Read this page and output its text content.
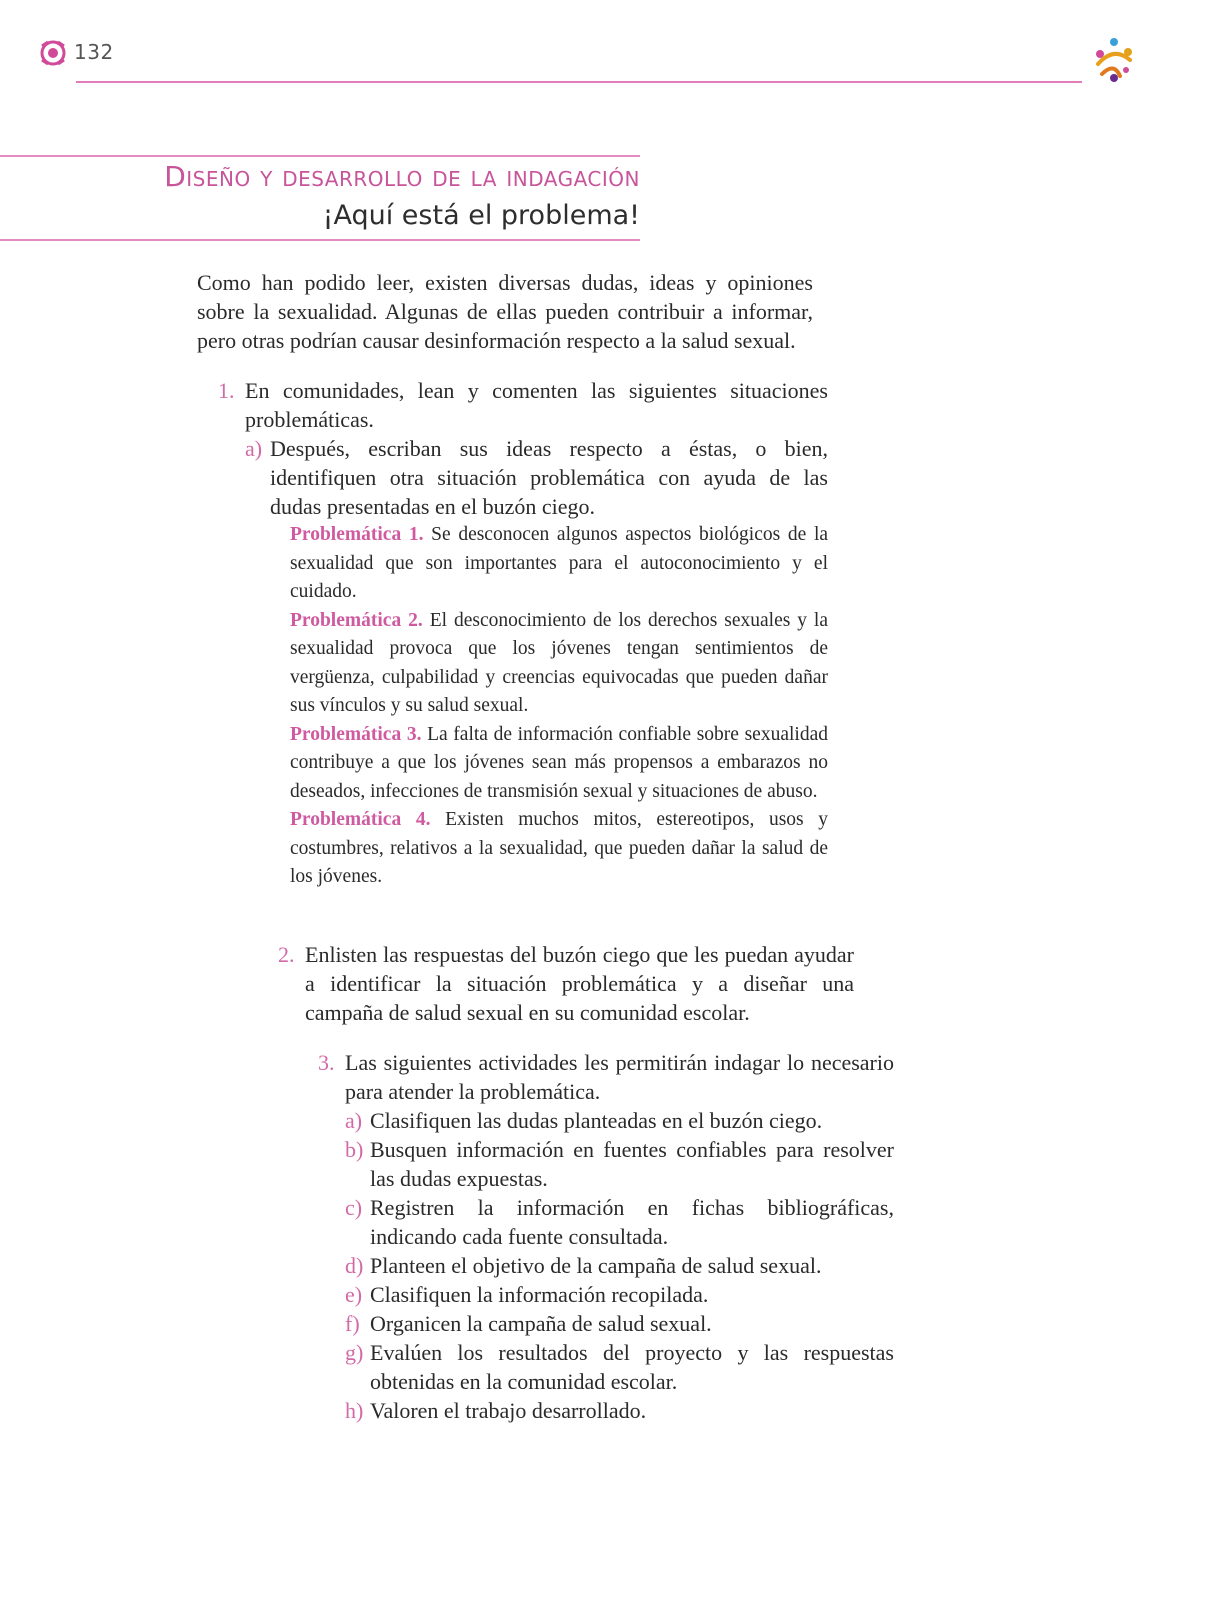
132
Diseño y desarrollo de la indagación
¡Aquí está el problema!

Como han podido leer, existen diversas dudas, ideas y opiniones sobre la sexualidad. Algunas de ellas pueden contribuir a informar, pero otras podrían causar desinformación respecto a la salud sexual.

1. En comunidades, lean y comenten las siguientes situaciones problemáticas.
a) Después, escriban sus ideas respecto a éstas, o bien, identifiquen otra situación problemática con ayuda de las dudas presentadas en el buzón ciego.
Problemática 1. Se desconocen algunos aspectos biológicos de la sexualidad que son importantes para el autoconocimiento y el cuidado.
Problemática 2. El desconocimiento de los derechos sexuales y la sexualidad provoca que los jóvenes tengan sentimientos de vergüenza, culpabilidad y creencias equivocadas que pueden dañar sus vínculos y su salud sexual.
Problemática 3. La falta de información confiable sobre sexualidad contribuye a que los jóvenes sean más propensos a embarazos no deseados, infecciones de transmisión sexual y situaciones de abuso.
Problemática 4. Existen muchos mitos, estereotipos, usos y costumbres, relativos a la sexualidad, que pueden dañar la salud de los jóvenes.
2. Enlisten las respuestas del buzón ciego que les puedan ayudar a identificar la situación problemática y a diseñar una campaña de salud sexual en su comunidad escolar.
3. Las siguientes actividades les permitirán indagar lo necesario para atender la problemática.
a) Clasifiquen las dudas planteadas en el buzón ciego.
b) Busquen información en fuentes confiables para resolver las dudas expuestas.
c) Registren la información en fichas bibliográficas, indicando cada fuente consultada.
d) Planteen el objetivo de la campaña de salud sexual.
e) Clasifiquen la información recopilada.
f) Organicen la campaña de salud sexual.
g) Evalúen los resultados del proyecto y las respuestas obtenidas en la comunidad escolar.
h) Valoren el trabajo desarrollado.
